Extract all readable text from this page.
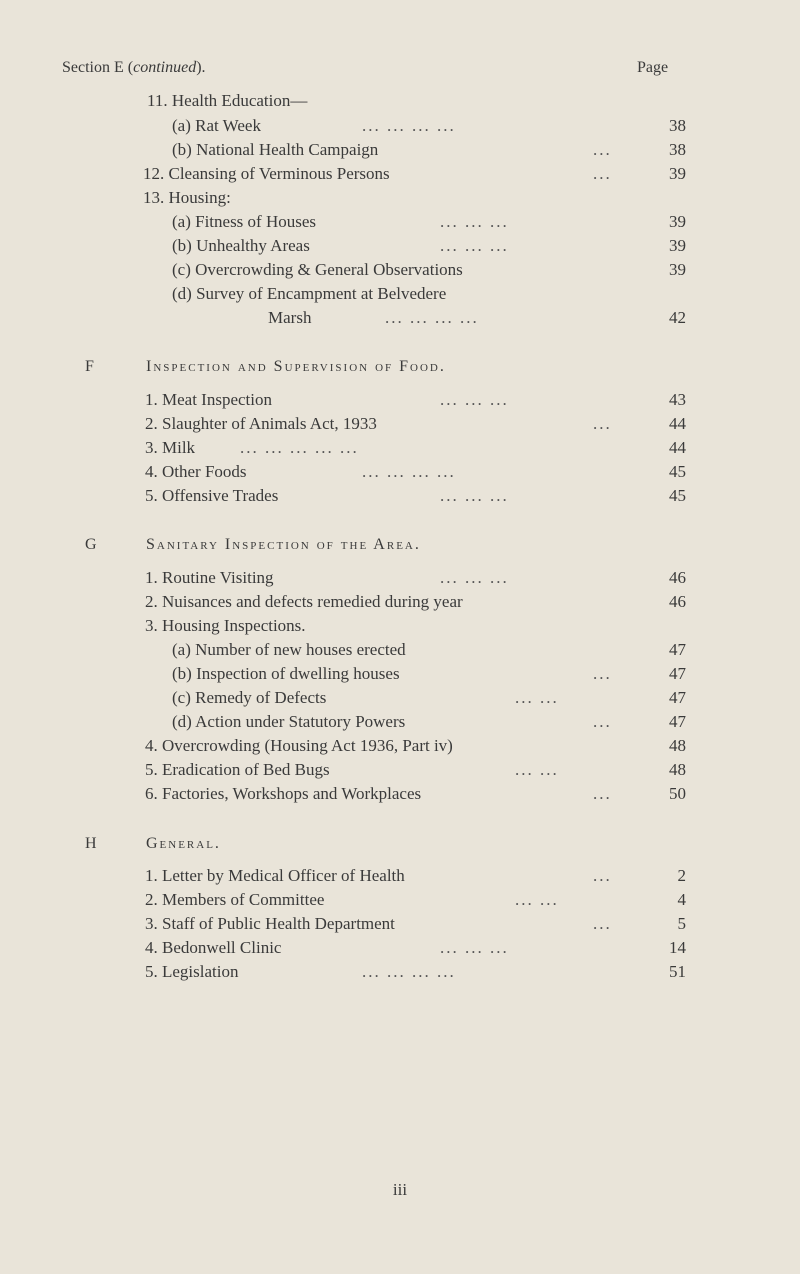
Section E (continued).	Page
11. Health Education—
(a) Rat Week	... ... ... ...	38
(b) National Health Campaign	...	38
12. Cleansing of Verminous Persons	...	39
13. Housing:
(a) Fitness of Houses	... ... ...	39
(b) Unhealthy Areas	... ... ...	39
(c) Overcrowding & General Observations	39
(d) Survey of Encampment at Belvedere
Marsh	... ... ... ...	42
F	Inspection and Supervision of Food.
1. Meat Inspection	... ... ...	43
2. Slaughter of Animals Act, 1933	...	44
3. Milk	... ... ... ... ...	44
4. Other Foods	... ... ... ...	45
5. Offensive Trades	... ... ...	45
G	Sanitary Inspection of the Area.
1. Routine Visiting	... ... ...	46
2. Nuisances and defects remedied during year	46
3. Housing Inspections.
(a) Number of new houses erected	47
(b) Inspection of dwelling houses	...	47
(c) Remedy of Defects	... ...	47
(d) Action under Statutory Powers	...	47
4. Overcrowding (Housing Act 1936, Part iv)	48
5. Eradication of Bed Bugs	... ...	48
6. Factories, Workshops and Workplaces	...	50
H	General.
1. Letter by Medical Officer of Health	...	2
2. Members of Committee	... ...	4
3. Staff of Public Health Department	...	5
4. Bedonwell Clinic	... ... ...	14
5. Legislation	... ... ... ...	51
iii
